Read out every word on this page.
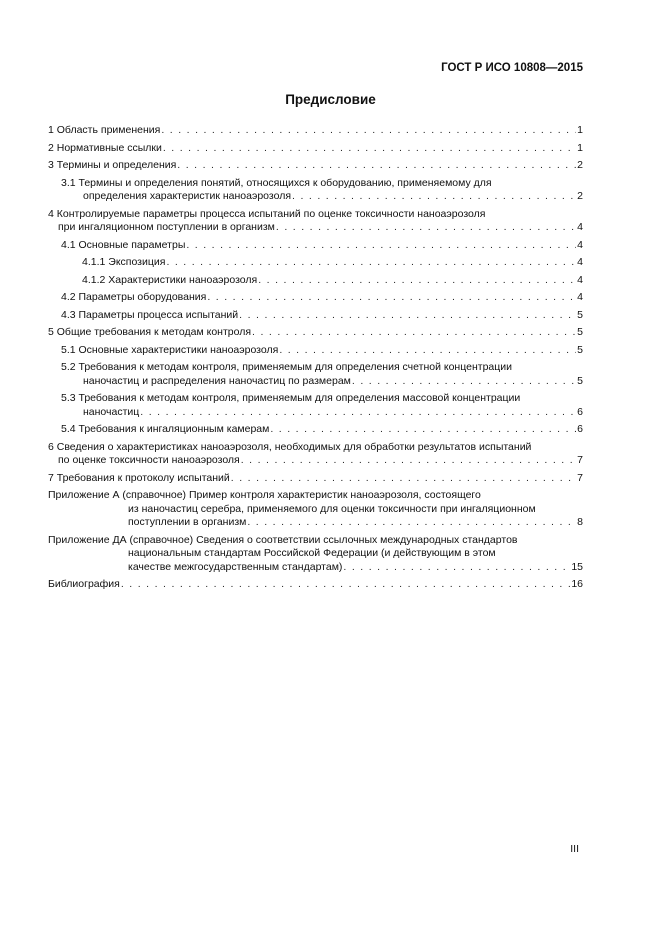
ГОСТ Р ИСО 10808—2015
Предисловие
1 Область применения . . .	1
2 Нормативные ссылки . . .	1
3 Термины и определения . . .	2
3.1 Термины и определения понятий, относящихся к оборудованию, применяемому для
определения характеристик наноаэрозоля . . .	2
4 Контролируемые параметры процесса испытаний по оценке токсичности наноаэрозоля
при ингаляционном поступлении в организм . . .	4
4.1 Основные параметры . . .	4
4.1.1 Экспозиция . . .	4
4.1.2 Характеристики наноаэрозоля . . .	4
4.2 Параметры оборудования . . .	4
4.3 Параметры процесса испытаний . . .	5
5 Общие требования к методам контроля . . .	5
5.1 Основные характеристики наноаэрозоля . . .	5
5.2 Требования к методам контроля, применяемым для определения счетной концентрации
наночастиц и распределения наночастиц по размерам . . .	5
5.3 Требования к методам контроля, применяемым для определения массовой концентрации
наночастиц . . .	6
5.4 Требования к ингаляционным камерам . . .	6
6 Сведения о характеристиках наноаэрозоля, необходимых для обработки результатов испытаний
по оценке токсичности наноаэрозоля . . .	7
7 Требования к протоколу испытаний . . .	7
Приложение А (справочное) Пример контроля характеристик наноаэрозоля, состоящего
из наночастиц серебра, применяемого для оценки токсичности при ингаляционном
поступлении в организм . . .	8
Приложение ДА (справочное) Сведения о соответствии ссылочных международных стандартов
национальным стандартам Российской Федерации (и действующим в этом
качестве межгосударственным стандартам) . . .	15
Библиография . . .	16
III
